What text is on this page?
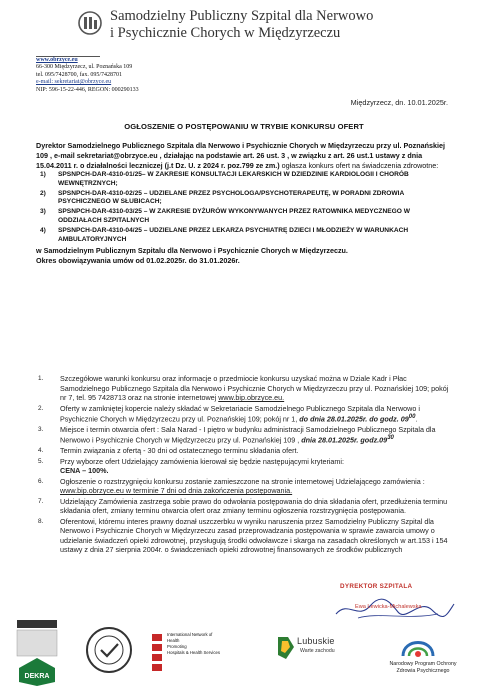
Samodzielny Publiczny Szpital dla Nerwowo
i Psychicznie Chorych w Międzyrzeczu
www.obrzyce.eu
66-300 Międzyrzecz, ul. Poznańska 109
tel. 095/7428700, fax. 095/7428701
e-mail: sekretariat@obrzyce.eu
NIP: 596-15-22-446, REGON: 000290133
Międzyrzecz, dn. 10.01.2025r.
OGŁOSZENIE O POSTĘPOWANIU W TRYBIE KONKURSU OFERT
Dyrektor Samodzielnego Publicznego Szpitala dla Nerwowo i Psychicznie Chorych w Międzyrzeczu przy ul. Poznańskiej 109 , e-mail sekretariat@obrzyce.eu , działając na podstawie art. 26 ust. 3 , w związku z art. 26 ust.1 ustawy z dnia 15.04.2011 r. o działalności leczniczej (j.t Dz. U. z 2024 r. poz.799 ze zm.) ogłasza konkurs ofert na świadczenia zdrowotne:
1) SPSNPCH-DAR-4310-01/25– W ZAKRESIE KONSULTACJI LEKARSKICH W DZIEDZINIE KARDIOLOGII I CHORÓB WEWNĘTRZNYCH;
2) SPSNPCH-DAR-4310-02/25 – UDZIELANE PRZEZ PSYCHOLOGA/PSYCHOTERAPEUTĘ, W PORADNI ZDROWIA PSYCHICZNEGO W SŁUBICACH;
3) SPSNPCH-DAR-4310-03/25 – W ZAKRESIE DYŻURÓW WYKONYWANYCH PRZEZ RATOWNIKA MEDYCZNEGO W ODDZIAŁACH SZPITALNYCH
4) SPSNPCH-DAR-4310-04/25 – UDZIELANE PRZEZ LEKARZA PSYCHIATRĘ DZIECI I MŁODZIEŻY W WARUNKACH AMBULATORYJNYCH
w Samodzielnym Publicznym Szpitalu dla Nerwowo i Psychicznie Chorych w Międzyrzeczu.
Okres obowiązywania umów od 01.02.2025r. do 31.01.2026r.
1. Szczegółowe warunki konkursu oraz informacje o przedmiocie konkursu uzyskać można w Dziale Kadr i Płac Samodzielnego Publicznego Szpitala dla Nerwowo i Psychicznie Chorych w Międzyrzeczu przy ul. Poznańskiej 109; pokój nr 7, tel. 95 7428713 oraz na stronie internetowej www.bip.obrzyce.eu.
2. Oferty w zamkniętej kopercie należy składać w Sekretariacie Samodzielnego Publicznego Szpitala dla Nerwowo i Psychicznie Chorych w Międzyrzeczu przy ul. Poznańskiej 109; pokój nr 1, do dnia 28.01.2025r. do godz. $09^{00}$.
3. Miejsce i termin otwarcia ofert : Sala Narad - I piętro w budynku administracji Samodzielnego Publicznego Szpitala dla Nerwowo i Psychicznie Chorych w Międzyrzeczu przy ul. Poznańskiej 109 , dnia 28.01.2025r. $godz.09^{30}$
4. Termin związania z ofertą - 30 dni od ostatecznego terminu składania ofert.
5. Przy wyborze ofert Udzielający zamówienia kierował się będzie następującymi kryteriami:
CENA – 100%.
6. Ogłoszenie o rozstrzygnięciu konkursu zostanie zamieszczone na stronie internetowej Udzielającego zamówienia : www.bip.obrzyce.eu w terminie 7 dni od dnia zakończenia postępowania.
7. Udzielający Zamówienia zastrzega sobie prawo do odwołania postępowania do dnia składania ofert, przedłużenia terminu składania ofert, zmiany terminu otwarcia ofert oraz zmiany terminu ogłoszenia rozstrzygnięcia postępowania.
8. Oferentowi, któremu interes prawny doznał uszczerbku w wyniku naruszenia przez Samodzielny Publiczny Szpital dla Nerwowo i Psychicznie Chorych w Międzyrzeczu zasad przeprowadzania postępowania w sprawie zawarcia umowy o udzielanie świadczeń opieki zdrowotnej, przysługują środki odwoławcze i skarga na zasadach określonych w art.153 i 154 ustawy z dnia 27 sierpnia 2004r. o świadczeniach opieki zdrowotnej finansowanych ze środków publicznych
DYREKTOR SZPITALA
Ewa Lewicka-Michalewska
DEKRA
International Network of
Health
Promoting
Hospitals & Health Services
Lubuskie
Warte zachodu
Narodowy Program Ochrony
Zdrowia Psychicznego
